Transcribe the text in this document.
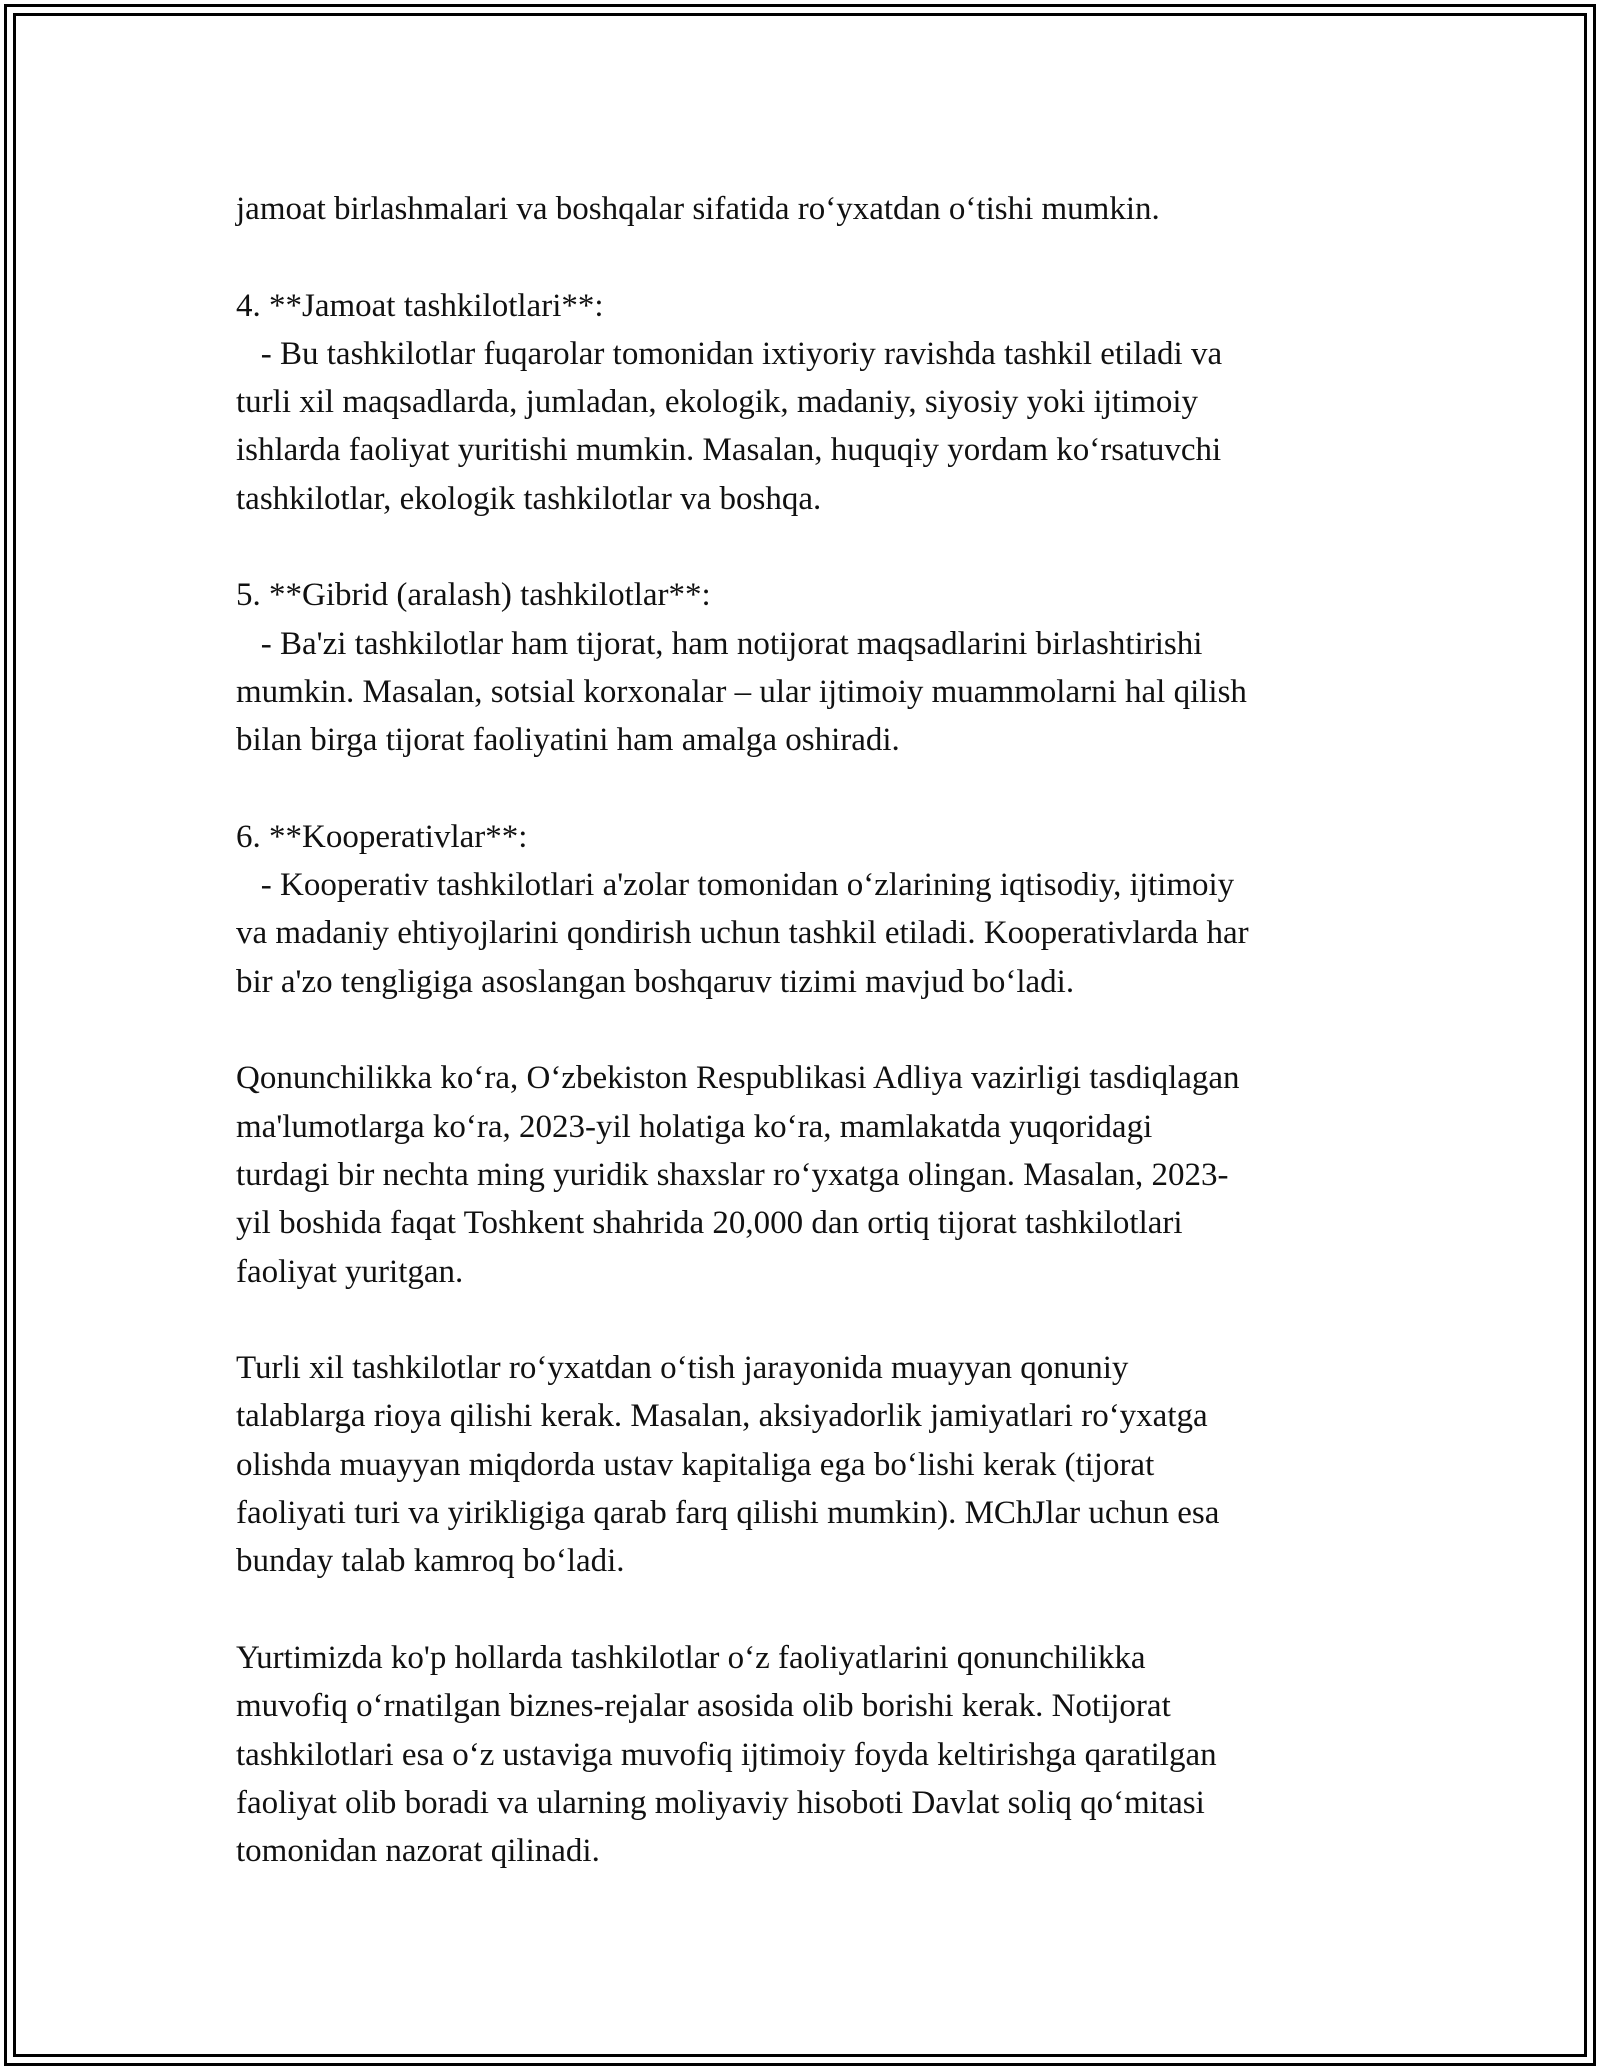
jamoat birlashmalari va boshqalar sifatida ro‘yxatdan o‘tishi mumkin.
4. **Jamoat tashkilotlari**:
- Bu tashkilotlar fuqarolar tomonidan ixtiyoriy ravishda tashkil etiladi va
turli xil maqsadlarda, jumladan, ekologik, madaniy, siyosiy yoki ijtimoiy
ishlarda faoliyat yuritishi mumkin. Masalan, huquqiy yordam ko‘rsatuvchi
tashkilotlar, ekologik tashkilotlar va boshqa.
5. **Gibrid (aralash) tashkilotlar**:
- Ba'zi tashkilotlar ham tijorat, ham notijorat maqsadlarini birlashtirishi
mumkin. Masalan, sotsial korxonalar – ular ijtimoiy muammolarni hal qilish
bilan birga tijorat faoliyatini ham amalga oshiradi.
6. **Kooperativlar**:
- Kooperativ tashkilotlari a'zolar tomonidan o‘zlarining iqtisodiy, ijtimoiy
va madaniy ehtiyojlarini qondirish uchun tashkil etiladi. Kooperativlarda har
bir a'zo tengligiga asoslangan boshqaruv tizimi mavjud bo‘ladi.
Qonunchilikka ko‘ra, O‘zbekiston Respublikasi Adliya vazirligi tasdiqlagan
ma'lumotlarga ko‘ra, 2023-yil holatiga ko‘ra, mamlakatda yuqoridagi
turdagi bir nechta ming yuridik shaxslar ro‘yxatga olingan. Masalan, 2023-
yil boshida faqat Toshkent shahrida 20,000 dan ortiq tijorat tashkilotlari
faoliyat yuritgan.
Turli xil tashkilotlar ro‘yxatdan o‘tish jarayonida muayyan qonuniy
talablarga rioya qilishi kerak. Masalan, aksiyadorlik jamiyatlari ro‘yxatga
olishda muayyan miqdorda ustav kapitaliga ega bo‘lishi kerak (tijorat
faoliyati turi va yirikligiga qarab farq qilishi mumkin). MChJlar uchun esa
bunday talab kamroq bo‘ladi.
Yurtimizda ko'p hollarda tashkilotlar o‘z faoliyatlarini qonunchilikka
muvofiq o‘rnatilgan biznes-rejalar asosida olib borishi kerak. Notijorat
tashkilotlari esa o‘z ustaviga muvofiq ijtimoiy foyda keltirishga qaratilgan
faoliyat olib boradi va ularning moliyaviy hisoboti Davlat soliq qo‘mitasi
tomonidan nazorat qilinadi.
